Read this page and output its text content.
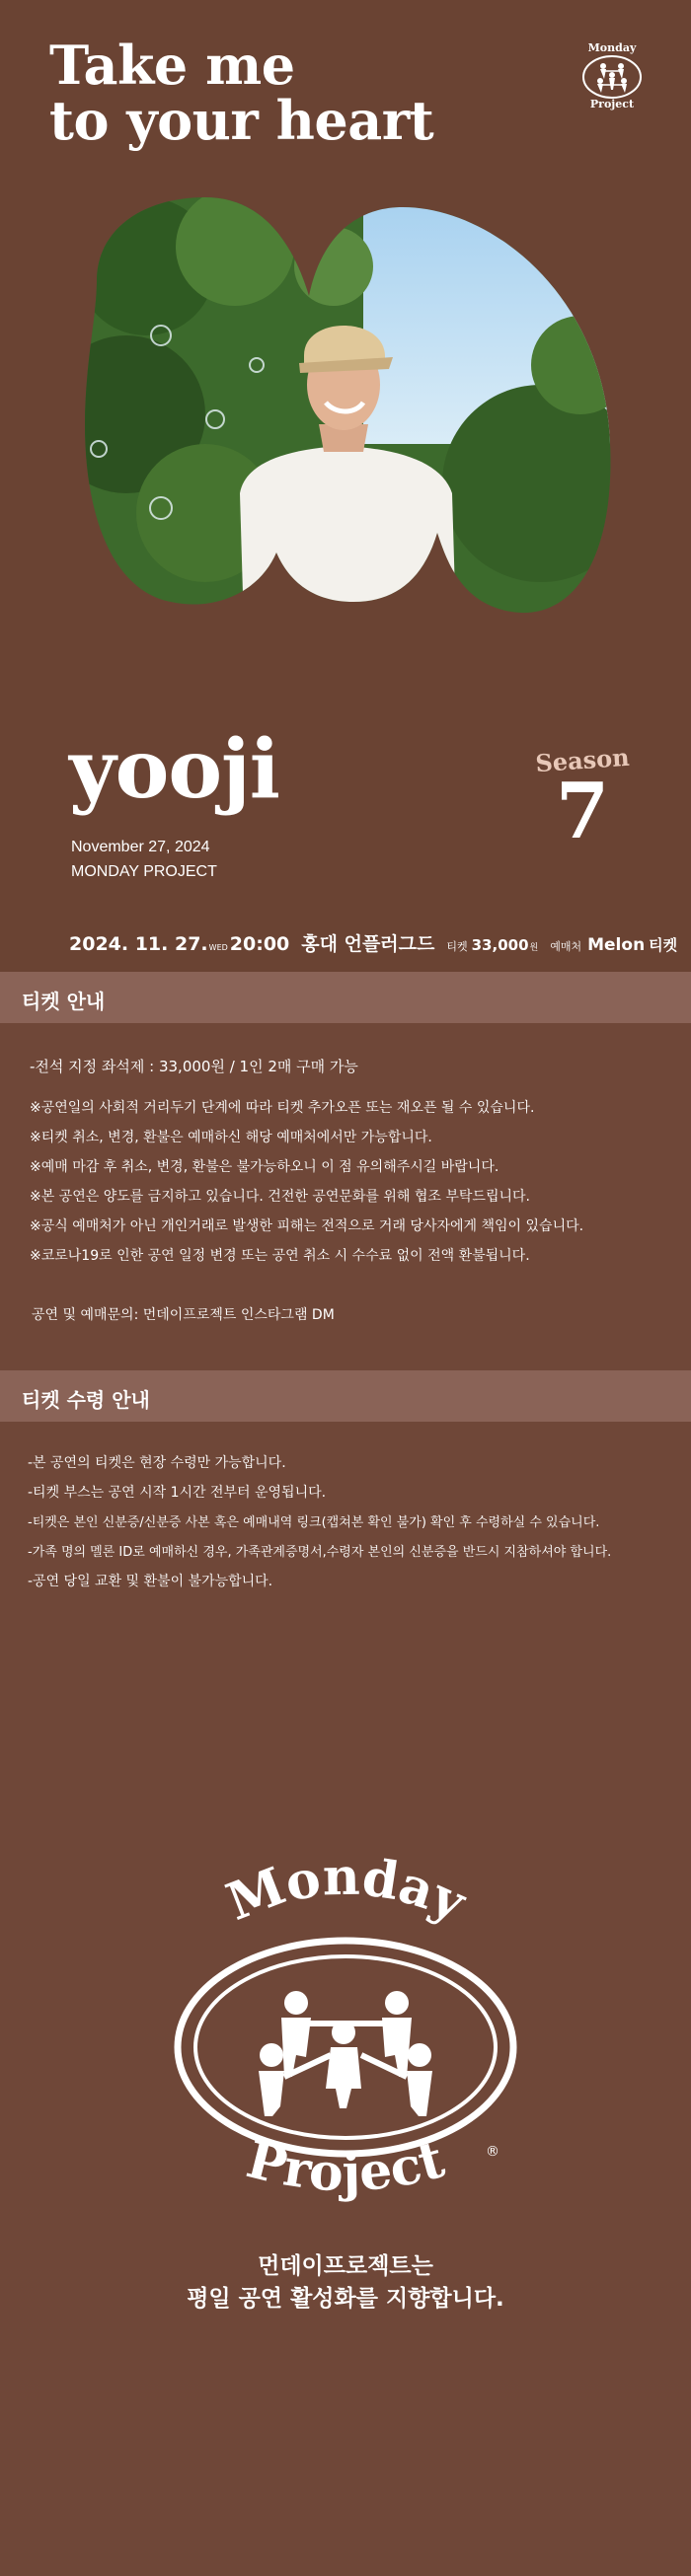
Take me
to your heart
Monday
Project
yooji	Season
7
November 27, 2024
MONDAY PROJECT
2024. 11. 27. WED 20:00 홍대 언플러그드 티켓 33,000 원 예매처 Melon 티켓
티켓 안내

-전석 지정 좌석제 : 33,000원 / 1인 2매 구매 가능

※공연일의 사회적 거리두기 단계에 따라 티켓 추가오픈 또는 재오픈 될 수 있습니다.

※티켓 취소, 변경, 환불은 예매하신 해당 예매처에서만 가능합니다.

※예매 마감 후 취소, 변경, 환불은 불가능하오니 이 점 유의해주시길 바랍니다.

※본 공연은 양도를 금지하고 있습니다. 건전한 공연문화를 위해 협조 부탁드립니다.

※공식 예매처가 아닌 개인거래로 발생한 피해는 전적으로 거래 당사자에게 책임이 있습니다.

※코로나19로 인한 공연 일정 변경 또는 공연 취소 시 수수료 없이 전액 환불됩니다.

공연 및 예매문의: 먼데이프로젝트 인스타그램 DM

티켓 수령 안내

-본 공연의 티켓은 현장 수령만 가능합니다.

-티켓 부스는 공연 시작 1시간 전부터 운영됩니다.

-티켓은 본인 신분증/신분증 사본 혹은 예매내역 링크(캡쳐본 확인 불가) 확인 후 수령하실 수 있습니다.

-가족 명의 멜론 ID로 예매하신 경우, 가족관계증명서,수령자 본인의 신분증을 반드시 지참하셔야 합니다.

-공연 당일 교환 및 환불이 불가능합니다.

Monday
Project	®
먼데이프로젝트는
평일 공연 활성화를 지향합니다.
